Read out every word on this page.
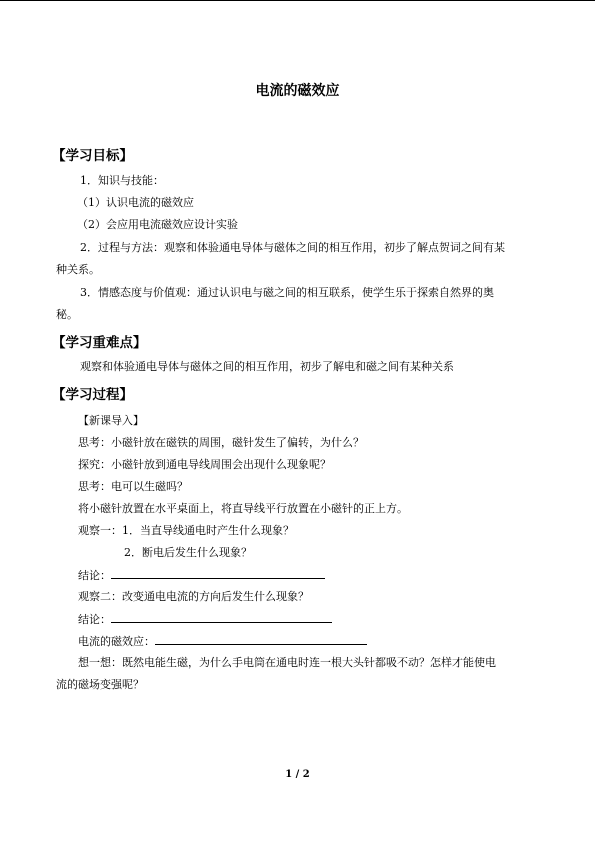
电流的磁效应
【学习目标】
1．知识与技能：
（1）认识电流的磁效应
（2）会应用电流磁效应设计实验
2．过程与方法：观察和体验通电导体与磁体之间的相互作用，初步了解点贺词之间有某
种关系。
3．情感态度与价值观：通过认识电与磁之间的相互联系，使学生乐于探索自然界的奥
秘。
【学习重难点】
观察和体验通电导体与磁体之间的相互作用，初步了解电和磁之间有某种关系
【学习过程】
【新课导入】
思考：小磁针放在磁铁的周围，磁针发生了偏转，为什么？
探究：小磁针放到通电导线周围会出现什么现象呢？
思考：电可以生磁吗？
将小磁针放置在水平桌面上，将直导线平行放置在小磁针的正上方。
观察一：1．当直导线通电时产生什么现象？
2．断电后发生什么现象？
结论：
观察二：改变通电电流的方向后发生什么现象？
结论：
电流的磁效应：
想一想：既然电能生磁，为什么手电筒在通电时连一根大头针都吸不动？怎样才能使电
流的磁场变强呢？
1 / 2
